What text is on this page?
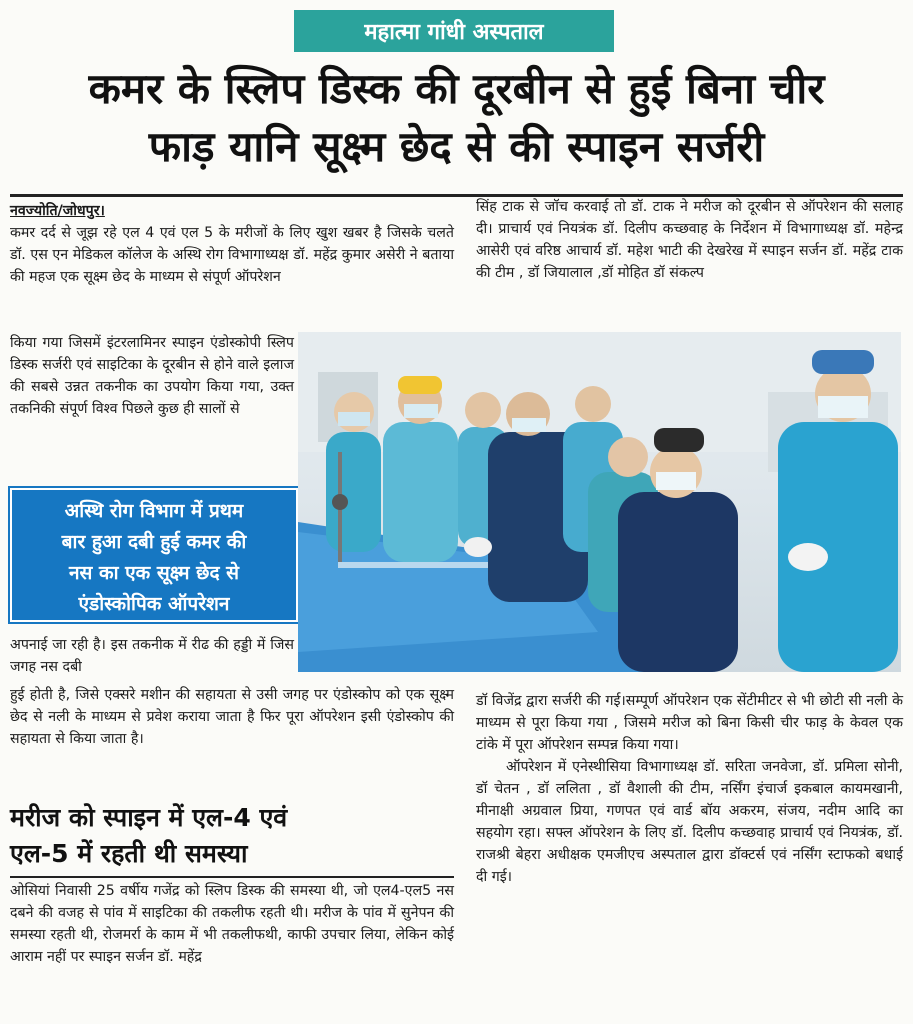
महात्मा गांधी अस्पताल
कमर के स्लिप डिस्क की दूरबीन से हुई बिना चीर
फाड़ यानि सूक्ष्म छेद से की स्पाइन सर्जरी

नवज्योति/जोधपुर।

कमर दर्द से जूझ रहे एल 4 एवं एल 5 के मरीजों के लिए खुश खबर है जिसके चलते डॉ. एस एन मेडिकल कॉलेज के अस्थि रोग विभागाध्यक्ष डॉ. महेंद्र कुमार असेरी ने बताया की महज एक सूक्ष्म छेद के माध्यम से संपूर्ण ऑपरेशन

किया गया जिसमें इंटरलामिनर स्पाइन एंडोस्कोपी स्लिप डिस्क सर्जरी एवं साइटिका के दूरबीन से होने वाले इलाज की सबसे उन्नत तकनीक का उपयोग किया गया, उक्त तकनिकी संपूर्ण विश्व पिछले कुछ ही सालों से

अस्थि रोग विभाग में प्रथम
बार हुआ दबी हुई कमर की
नस का एक सूक्ष्म छेद से
एंडोस्कोपिक ऑपरेशन

अपनाई जा रही है। इस तकनीक में रीढ की हड्डी में जिस जगह नस दबी

हुई होती है, जिसे एक्सरे मशीन की सहायता से उसी जगह पर एंडोस्कोप को एक सूक्ष्म छेद से नली के माध्यम से प्रवेश कराया जाता है फि‍र पूरा ऑपरेशन इसी एंडोस्कोप की सहायता से किया जाता है।

मरीज को स्पाइन में एल-4 एवं
एल-5 में रहती थी समस्या

ओसियां निवासी 25 वर्षीय गजेंद्र को स्लिप डिस्क की समस्या थी, जो एल4-एल5 नस दबने की वजह से पांव में साइटिका की तकलीफ रहती थी। मरीज के पांव में सुनेपन की समस्या रहती थी, रोजमर्रा के काम में भी तकलीफथी, काफी उपचार लिया, लेकिन कोई आराम नहीं पर स्पाइन सर्जन डॉ. महेंद्र

सिंह टाक से जॉच करवाई तो डॉ. टाक ने मरीज को दूरबीन से ऑपरेशन की सलाह दी। प्राचार्य एवं नियत्रंक डॉ. दिलीप कच्छवाह के निर्देशन में विभागाध्यक्ष डॉ. महेन्द्र आसेरी एवं वरिष्ठ आचार्य डॉ. महेश भाटी की देखरेख में स्पाइन सर्जन डॉ. महेंद्र टाक की टीम , डॉ जियालाल ,डॉ मोहित डॉ संकल्प

डॉ विजेंद्र द्वारा सर्जरी की गई।सम्पूर्ण ऑपरेशन एक सेंटीमीटर से भी छोटी सी नली के माध्यम से पूरा किया गया , जिसमे मरीज को बिना किसी चीर फाड़ के केवल एक टांके में पूरा ऑपरेशन सम्पन्न किया गया।

ऑपरेशन में एनेस्थीसिया विभागाध्यक्ष डॉ. सरिता जनवेजा, डॉ. प्रमिला सोनी, डॉ चेतन , डॉ ललिता , डॉ वैशाली की टीम, नर्सिंग इंचार्ज इकबाल कायमखानी, मीनाक्षी अग्रवाल प्रिया, गणपत एवं वार्ड बॉय अकरम, संजय, नदीम आदि का सहयोग रहा। सफ्ल ऑपरेशन के लिए डॉ. दिलीप कच्छवाह प्राचार्य एवं नियत्रंक, डॉ. राजश्री बेहरा अधीक्षक एमजीएच अस्पताल द्वारा डॉक्टर्स एवं नर्सिंग स्टाफको बधाई दी गई।
